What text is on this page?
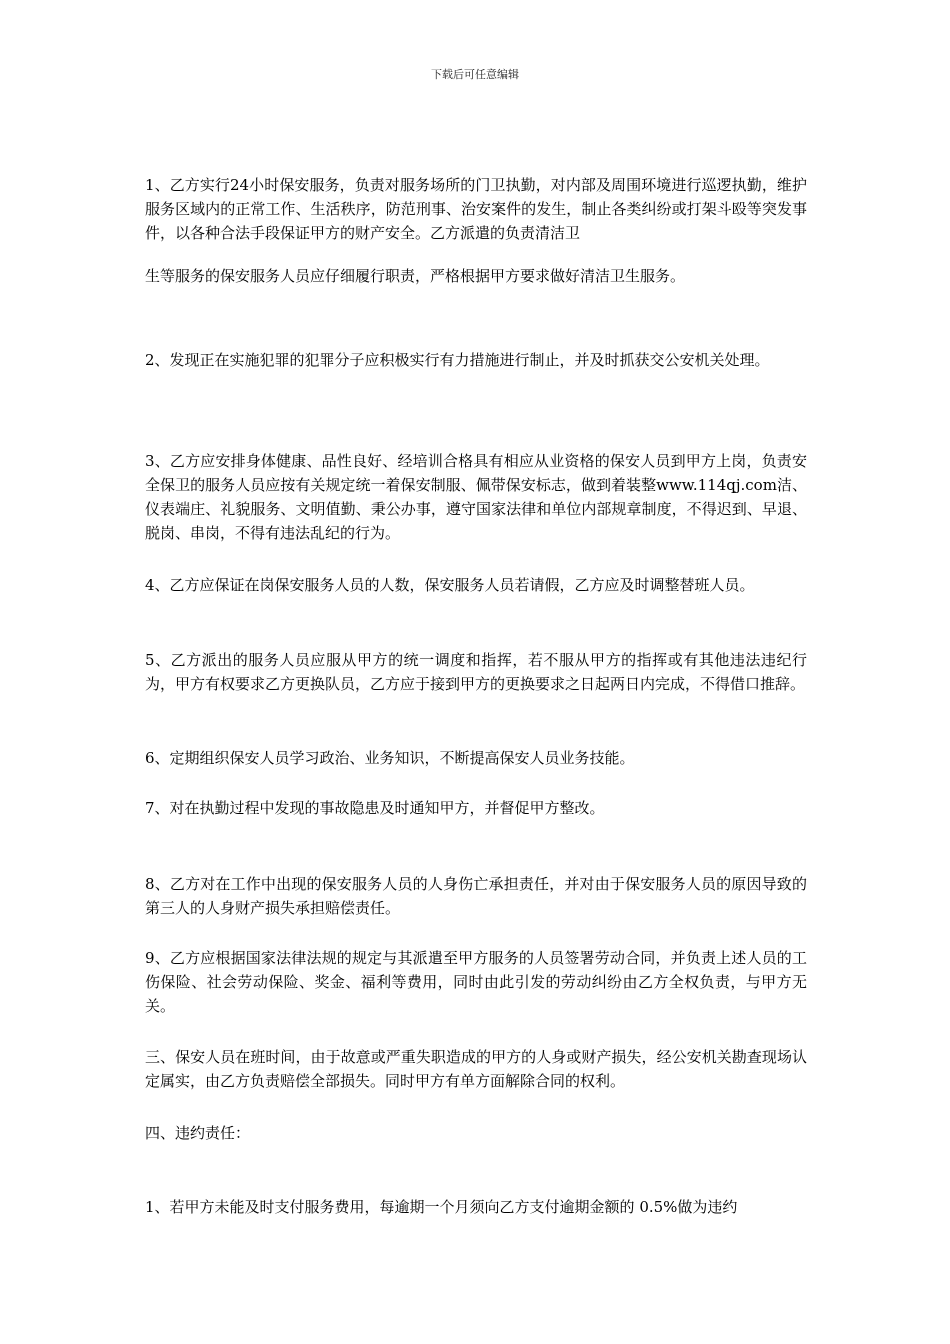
下载后可任意编辑

1、乙方实行24小时保安服务，负责对服务场所的门卫执勤，对内部及周围环境进行巡逻执勤，维护服务区域内的正常工作、生活秩序，防范刑事、治安案件的发生，制止各类纠纷或打架斗殴等突发事件，以各种合法手段保证甲方的财产安全。乙方派遣的负责清洁卫

生等服务的保安服务人员应仔细履行职责，严格根据甲方要求做好清洁卫生服务。

2、发现正在实施犯罪的犯罪分子应积极实行有力措施进行制止，并及时抓获交公安机关处理。

3、乙方应安排身体健康、品性良好、经培训合格具有相应从业资格的保安人员到甲方上岗，负责安全保卫的服务人员应按有关规定统一着保安制服、佩带保安标志，做到着装整www.114qj.com洁、仪表端庄、礼貌服务、文明值勤、秉公办事，遵守国家法律和单位内部规章制度，不得迟到、早退、脱岗、串岗，不得有违法乱纪的行为。

4、乙方应保证在岗保安服务人员的人数，保安服务人员若请假，乙方应及时调整替班人员。

5、乙方派出的服务人员应服从甲方的统一调度和指挥，若不服从甲方的指挥或有其他违法违纪行为，甲方有权要求乙方更换队员，乙方应于接到甲方的更换要求之日起两日内完成，不得借口推辞。

6、定期组织保安人员学习政治、业务知识，不断提高保安人员业务技能。

7、对在执勤过程中发现的事故隐患及时通知甲方，并督促甲方整改。

8、乙方对在工作中出现的保安服务人员的人身伤亡承担责任，并对由于保安服务人员的原因导致的第三人的人身财产损失承担赔偿责任。

9、乙方应根据国家法律法规的规定与其派遣至甲方服务的人员签署劳动合同，并负责上述人员的工伤保险、社会劳动保险、奖金、福利等费用，同时由此引发的劳动纠纷由乙方全权负责，与甲方无关。

三、保安人员在班时间，由于故意或严重失职造成的甲方的人身或财产损失，经公安机关勘查现场认定属实，由乙方负责赔偿全部损失。同时甲方有单方面解除合同的权利。

四、违约责任：

1、若甲方未能及时支付服务费用，每逾期一个月须向乙方支付逾期金额的 0.5%做为违约
